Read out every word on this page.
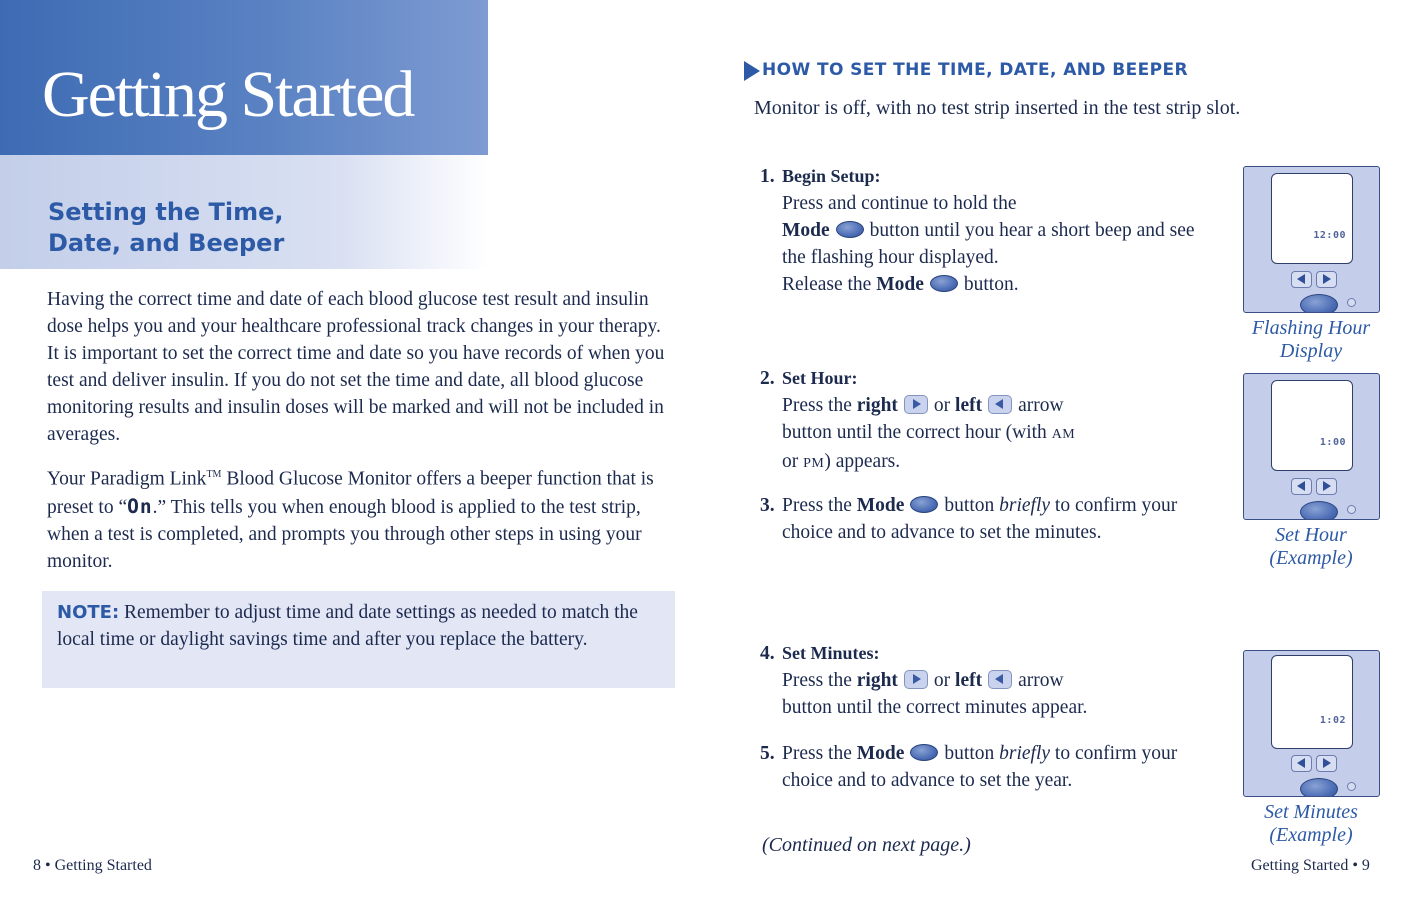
Getting Started
Setting the Time,
Date, and Beeper
Having the correct time and date of each blood glucose test result and insulin dose helps you and your healthcare professional track changes in your therapy. It is important to set the correct time and date so you have records of when you test and deliver insulin. If you do not set the time and date, all blood glucose monitoring results and insulin doses will be marked and will not be included in averages.
Your Paradigm Link™ Blood Glucose Monitor offers a beeper function that is preset to “On.” This tells you when enough blood is applied to the test strip, when a test is completed, and prompts you through other steps in using your monitor.
NOTE: Remember to adjust time and date settings as needed to match the local time or daylight savings time and after you replace the battery.
8 • Getting Started
HOW TO SET THE TIME, DATE, AND BEEPER
Monitor is off, with no test strip inserted in the test strip slot.
1. Begin Setup:
Press and continue to hold the
Mode button until you hear a short beep and see the flashing hour displayed.
Release the Mode button.
2. Set Hour:
Press the right or left arrow
button until the correct hour (with AM
or PM) appears.
3. Press the Mode button briefly to confirm your choice and to advance to set the minutes.
4. Set Minutes:
Press the right or left arrow
button until the correct minutes appear.
5. Press the Mode button briefly to confirm your choice and to advance to set the year.
(Continued on next page.)
12:00
Flashing Hour
Display
1:00
Set Hour
(Example)
1:02
Set Minutes
(Example)
Getting Started • 9
